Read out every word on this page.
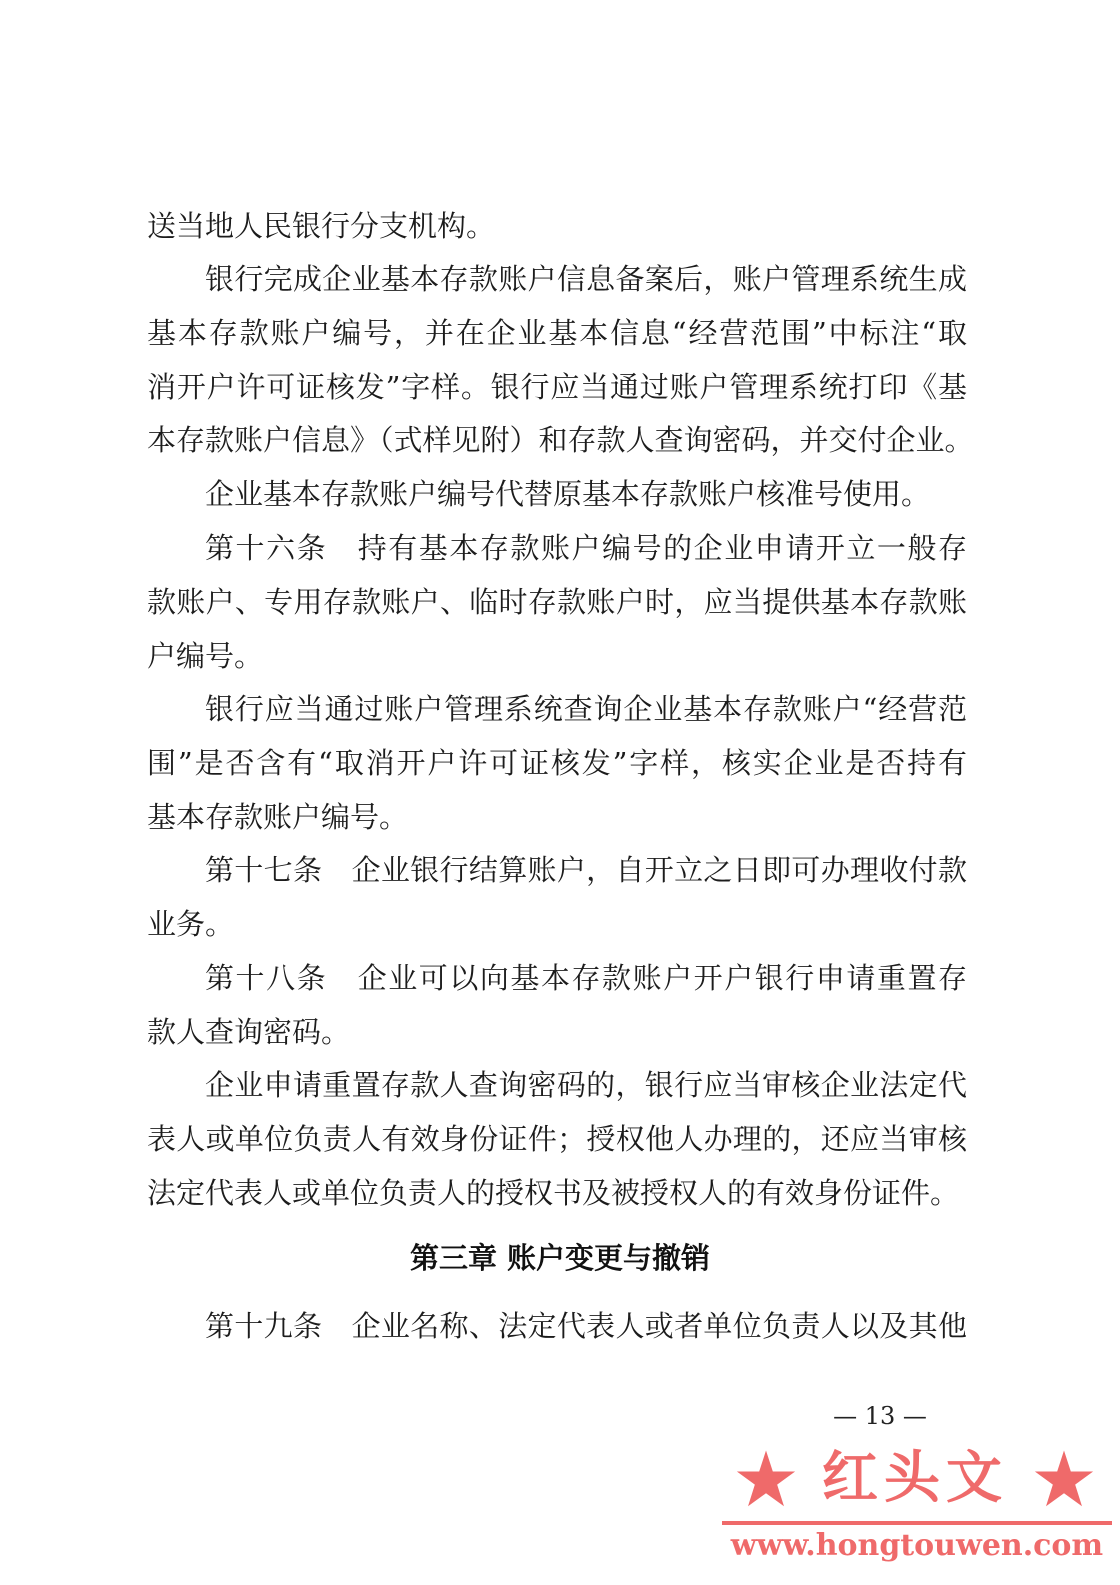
送当地人民银行分支机构。
银行完成企业基本存款账户信息备案后，账户管理系统生成
基本存款账户编号，并在企业基本信息“经营范围”中标注“取
消开户许可证核发”字样。银行应当通过账户管理系统打印《基
本存款账户信息》（式样见附）和存款人查询密码，并交付企业。
企业基本存款账户编号代替原基本存款账户核准号使用。
第十六条　持有基本存款账户编号的企业申请开立一般存
款账户、专用存款账户、临时存款账户时，应当提供基本存款账
户编号。
银行应当通过账户管理系统查询企业基本存款账户“经营范
围”是否含有“取消开户许可证核发”字样，核实企业是否持有
基本存款账户编号。
第十七条　企业银行结算账户，自开立之日即可办理收付款
业务。
第十八条　企业可以向基本存款账户开户银行申请重置存
款人查询密码。
企业申请重置存款人查询密码的，银行应当审核企业法定代
表人或单位负责人有效身份证件；授权他人办理的，还应当审核
法定代表人或单位负责人的授权书及被授权人的有效身份证件。
第三章 账户变更与撤销
第十九条　企业名称、法定代表人或者单位负责人以及其他
— 13 —
红头文
www.hongtouwen.com
